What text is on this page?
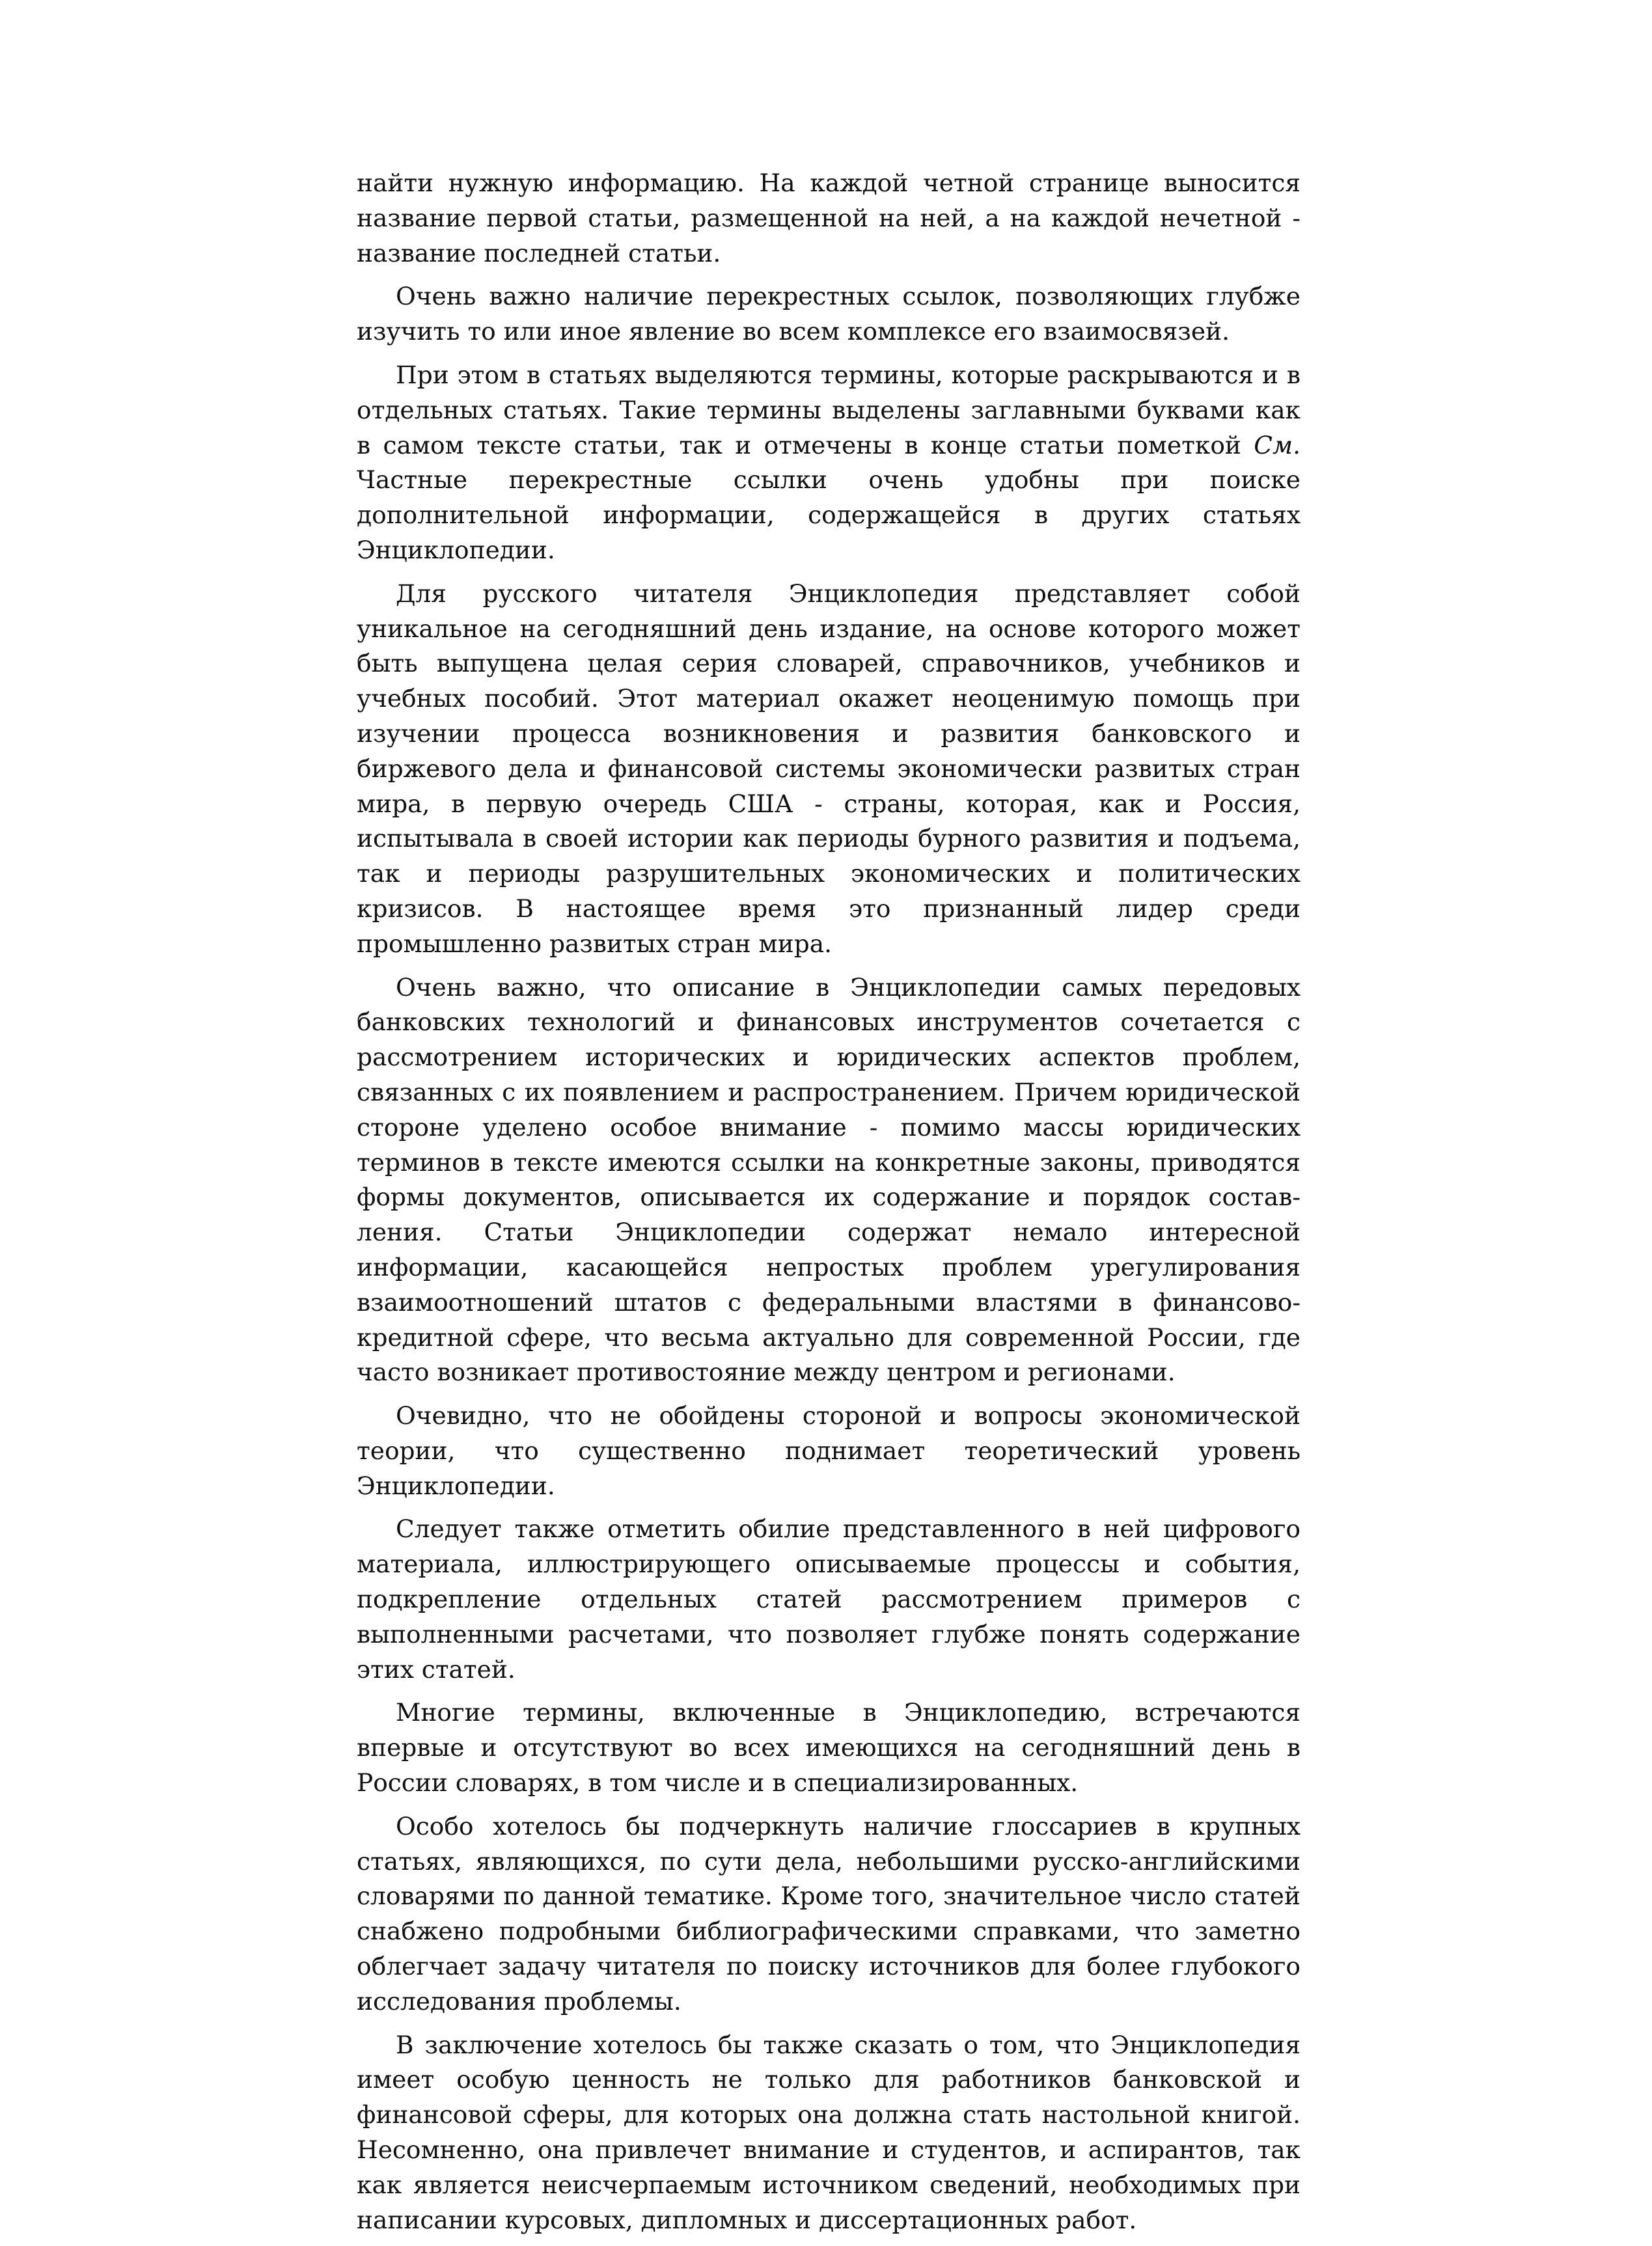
найти нужную информацию. На каждой четной странице выносится название первой статьи, размещенной на ней, а на каждой нечетной - название последней статьи.

Очень важно наличие перекрестных ссылок, позволяющих глубже изучить то или иное явление во всем комплексе его взаимосвязей.

При этом в статьях выделяются термины, которые раскрываются и в отдельных статьях. Такие термины выделены заглавными буквами как в самом тексте статьи, так и отмечены в конце статьи пометкой См. Частные перекрестные ссылки очень удобны при поиске дополнительной информации, содержащейся в других статьях Энциклопедии.

Для русского читателя Энциклопедия представляет собой уникальное на сегодняшний день издание, на основе которого может быть выпущена целая серия словарей, справочников, учебников и учебных пособий. Этот материал окажет неоценимую помощь при изучении процесса возникновения и развития банковского и биржевого дела и финансовой системы экономически развитых стран мира, в первую очередь США - страны, которая, как и Россия, испытывала в своей истории как периоды бурного развития и подъема, так и периоды разрушительных экономических и политических кризисов. В настоящее время это признанный лидер среди промышленно развитых стран мира.

Очень важно, что описание в Энциклопедии самых передовых банковских технологий и финансовых инструментов сочетается с рассмотрением исторических и юридических аспектов проблем, связанных с их появлением и распространением. Причем юридической стороне уделено особое внимание - помимо массы юридических терминов в тексте имеются ссылки на конкретные законы, приводятся формы документов, описывается их содержание и порядок составления. Статьи Энциклопедии содержат немало интересной информации, касающейся непростых проблем урегулирования взаимоотношений штатов с федеральными властями в финансово-кредитной сфере, что весьма актуально для современной России, где часто возникает противостояние между центром и регионами.

Очевидно, что не обойдены стороной и вопросы экономической теории, что существенно поднимает теоретический уровень Энциклопедии.

Следует также отметить обилие представленного в ней цифрового материала, иллюстрирующего описываемые процессы и события, подкрепление отдельных статей рассмотрением примеров с выполненными расчетами, что позволяет глубже понять содержание этих статей.

Многие термины, включенные в Энциклопедию, встречаются впервые и отсутствуют во всех имеющихся на сегодняшний день в России словарях, в том числе и в специализированных.

Особо хотелось бы подчеркнуть наличие глоссариев в крупных статьях, являющихся, по сути дела, небольшими русско-английскими словарями по данной тематике. Кроме того, значительное число статей снабжено подробными библиографическими справками, что заметно облегчает задачу читателя по поиску источников для более глубокого исследования проблемы.

В заключение хотелось бы также сказать о том, что Энциклопедия имеет особую ценность не только для работников банковской и финансовой сферы, для которых она должна стать настольной книгой. Несомненно, она привлечет внимание и студентов, и аспирантов, так как является неисчерпаемым источником сведений, необходимых при написании курсовых, дипломных и диссертационных работ.
